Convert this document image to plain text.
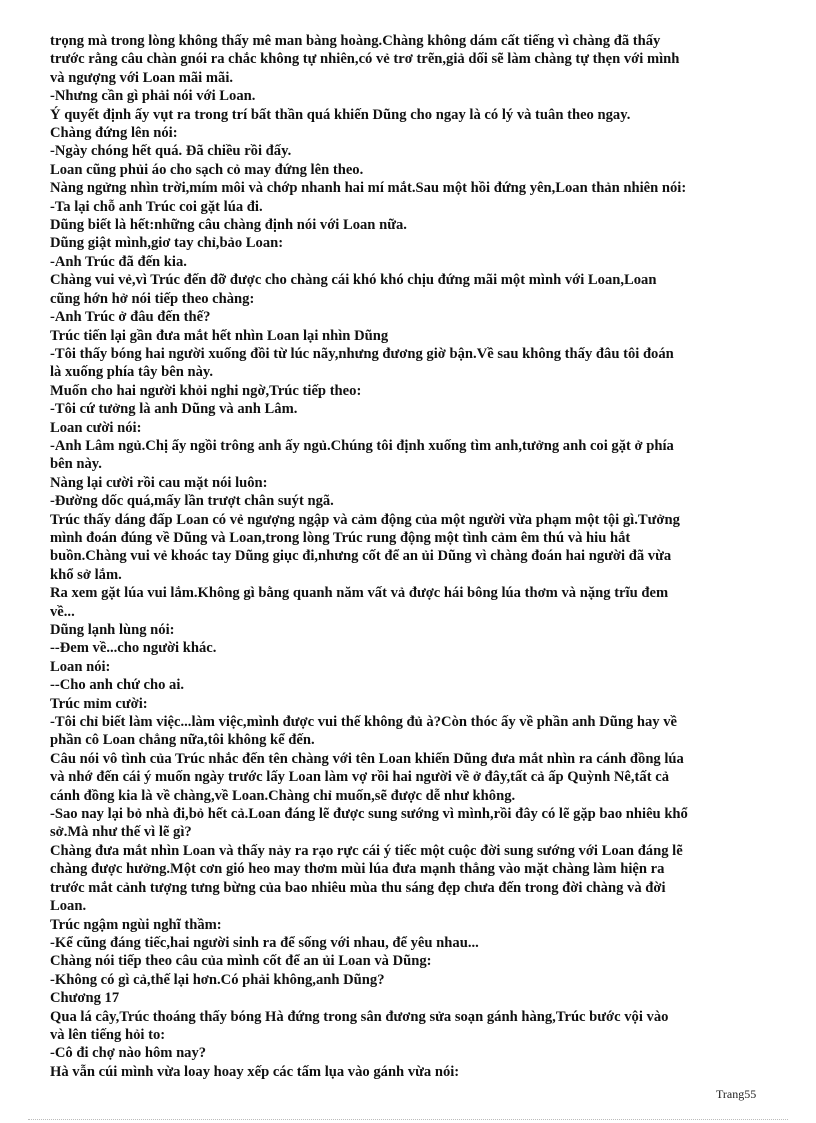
trọng mà trong lòng không thấy mê man bàng hoàng.Chàng không dám cất tiếng vì chàng đã thấy

trước rằng câu chàn gnói ra chắc không tự nhiên,có vẻ trơ trẽn,giả dối sẽ làm chàng tự thẹn với mình

và ngượng với Loan mãi mãi.

-Nhưng cần gì phải nói với Loan.

Ý quyết định ấy vụt ra trong trí bất thần quá khiến Dũng cho ngay là có lý và tuân theo ngay.

Chàng đứng lên nói:

-Ngày chóng hết quá. Đã chiều rồi đấy.

Loan cũng phủi áo cho sạch cỏ may đứng lên theo.

Nàng ngửng nhìn trời,mím môi và chớp nhanh hai mí mắt.Sau một hồi đứng yên,Loan thản nhiên nói:

-Ta lại chỗ anh Trúc coi gặt lúa đi.

Dũng biết là hết:những câu chàng định nói với Loan nữa.

Dũng giật mình,giơ tay chỉ,bảo Loan:

-Anh Trúc đã đến kia.

Chàng vui vẻ,vì Trúc đến đỡ được cho chàng cái khó khó chịu đứng mãi một mình với Loan,Loan

cũng hớn hở nói tiếp theo chàng:

-Anh Trúc ở đâu đến thế?

Trúc tiến lại gần đưa mắt hết nhìn Loan lại nhìn Dũng

-Tôi thấy bóng hai người xuống đồi từ lúc nãy,nhưng đương giờ bận.Về sau không thấy đâu tôi đoán

là xuống phía tây bên này.

Muốn cho hai người khỏi nghi ngờ,Trúc tiếp theo:

-Tôi cứ tưởng là anh Dũng và anh Lâm.

Loan cười nói:

-Anh Lâm ngủ.Chị ấy ngồi trông anh ấy ngủ.Chúng tôi định xuống tìm anh,tưởng anh coi gặt ở phía

bên này.

Nàng lại cười rồi cau mặt nói luôn:

-Đường dốc quá,mấy lần trượt chân suýt ngã.

Trúc thấy dáng đấp Loan có vẻ ngượng ngập và cảm động của một người vừa phạm một tội gì.Tưởng

mình đoán đúng về Dũng và Loan,trong lòng Trúc rung động một tình cảm êm thú và hiu hắt

buồn.Chàng vui vẻ khoác tay Dũng giục đi,nhưng cốt để an ủi Dũng vì chàng đoán hai người đã vừa

khổ sở lắm.

Ra xem gặt lúa vui lắm.Không gì bằng quanh năm vất vả được hái bông lúa thơm và nặng trĩu đem

về...

Dũng lạnh lùng nói:

--Đem về...cho người khác.

Loan nói:

--Cho anh chứ cho ai.

Trúc mỉm cười:

-Tôi chỉ biết làm việc...làm việc,mình được vui thế không đủ à?Còn thóc ấy về phần anh Dũng hay về

phần cô Loan chẳng nữa,tôi không kể đến.

Câu nói vô tình của Trúc nhắc đến tên chàng với tên Loan khiến Dũng đưa mắt nhìn ra cánh đồng lúa

và nhớ đến cái ý muốn ngày trước lấy Loan làm vợ rồi hai người về ở đây,tất cả ấp Quỳnh Nê,tất cả

cánh đồng kia là về chàng,về Loan.Chàng chỉ muốn,sẽ được dễ như không.

-Sao nay lại bỏ nhà đi,bỏ hết cả.Loan đáng lẽ được sung sướng vì mình,rồi đây có lẽ gặp bao nhiêu khổ

sở.Mà như thế vì lẽ gì?

Chàng đưa mắt nhìn Loan và thấy nảy ra rạo rực cái ý tiếc một cuộc đời sung sướng với Loan đáng lẽ

chàng được hưởng.Một cơn gió heo may thơm mùi lúa đưa mạnh thẳng vào mặt chàng làm hiện ra

trước mắt cảnh tượng tưng bừng của bao nhiêu mùa thu sáng đẹp chưa đến trong đời chàng và đời

Loan.

Trúc ngậm ngùi nghĩ thầm:

-Kể cũng đáng tiếc,hai người sinh ra để sống với nhau, để yêu nhau...

Chàng nói tiếp theo câu của mình cốt để an ủi Loan và Dũng:

-Không có gì cả,thế lại hơn.Có phải không,anh Dũng?

Chương 17

Qua lá cây,Trúc thoáng thấy bóng Hà đứng trong sân đương sửa soạn gánh hàng,Trúc bước vội vào

và lên tiếng hỏi to:

-Cô đi chợ nào hôm nay?

Hà vẫn cúi mình vừa loay hoay xếp các tấm lụa vào gánh vừa nói:

Trang55
